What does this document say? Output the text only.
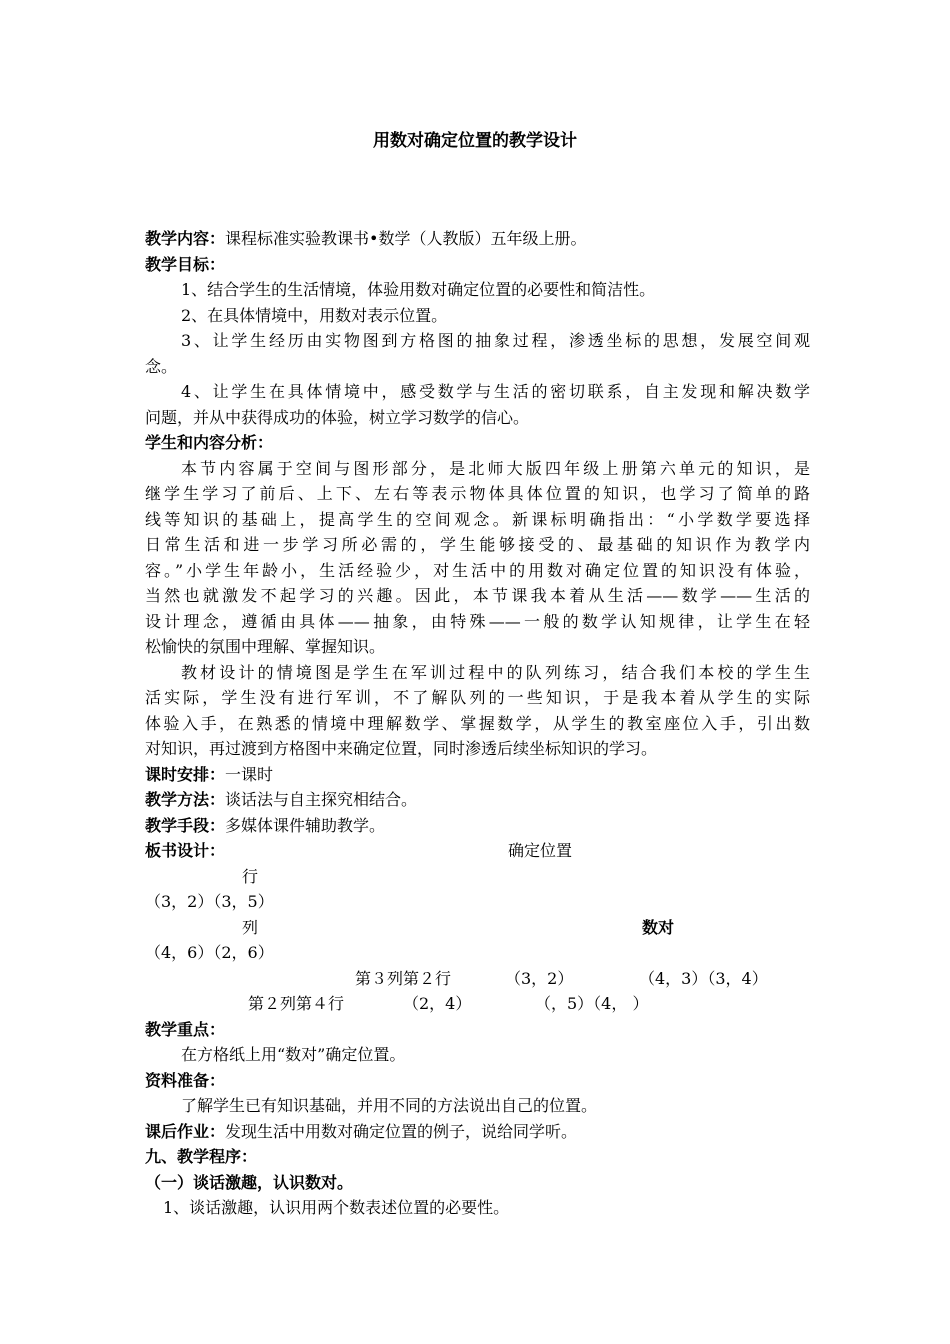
用数对确定位置的教学设计
教学内容：课程标准实验教课书•数学（人教版）五年级上册。
教学目标：
1、结合学生的生活情境，体验用数对确定位置的必要性和简洁性。
2、在具体情境中，用数对表示位置。
3、让学生经历由实物图到方格图的抽象过程，渗透坐标的思想，发展空间观
念。
4、让学生在具体情境中，感受数学与生活的密切联系，自主发现和解决数学
问题，并从中获得成功的体验，树立学习数学的信心。
学生和内容分析：
本节内容属于空间与图形部分，是北师大版四年级上册第六单元的知识，是
继学生学习了前后、上下、左右等表示物体具体位置的知识，也学习了简单的路
线等知识的基础上，提高学生的空间观念。新课标明确指出：“小学数学要选择
日常生活和进一步学习所必需的，学生能够接受的、最基础的知识作为教学内
容。”小学生年龄小，生活经验少，对生活中的用数对确定位置的知识没有体验，
当然也就激发不起学习的兴趣。因此，本节课我本着从生活——数学——生活的
设计理念，遵循由具体——抽象，由特殊——一般的数学认知规律，让学生在轻
松愉快的氛围中理解、掌握知识。
教材设计的情境图是学生在军训过程中的队列练习，结合我们本校的学生生
活实际，学生没有进行军训，不了解队列的一些知识，于是我本着从学生的实际
体验入手，在熟悉的情境中理解数学、掌握数学，从学生的教室座位入手，引出数
对知识，再过渡到方格图中来确定位置，同时渗透后续坐标知识的学习。
课时安排：一课时
教学方法：谈话法与自主探究相结合。
教学手段：多媒体课件辅助教学。
板书设计：	确定位置
行
（3，2）（3，5）
列	数对
（4，6）（2，6）
第３列第２行	（3，2）	（4，3）（3，4）
第２列第４行	（2，4）	（，5）（4， ）
教学重点：
在方格纸上用“数对”确定位置。
资料准备：
了解学生已有知识基础，并用不同的方法说出自己的位置。
课后作业：发现生活中用数对确定位置的例子，说给同学听。
九、教学程序：
（一）谈话激趣，认识数对。
1、谈话激趣，认识用两个数表述位置的必要性。
